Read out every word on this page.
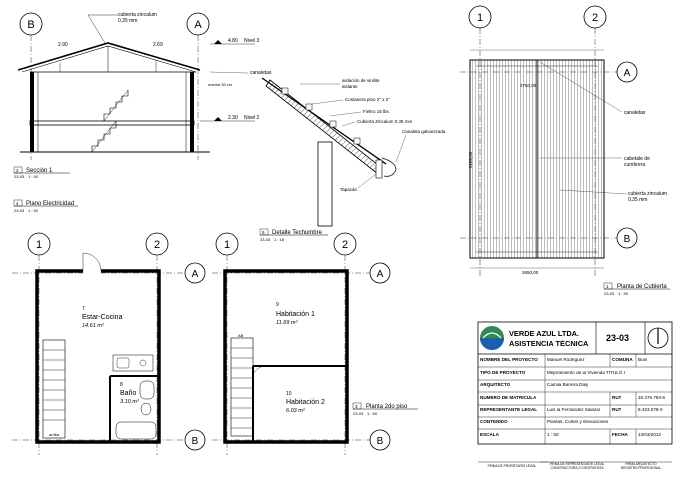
B	A
2.90	2.69
cubierta zincalum
0,35 mm
4.80 Nivel 3
2.30 Nivel 2
canaletas
marina 30 cm
2 Sección 1
23-03 1 : 50
4 Plano Electricidad
23-03 1 : 50
aislación de vinilite
aislante
Costanera pino 2" x 2"
Fieltro 15 lbs.
Cubierta Zincalum 0,35 mm
Canaleta galvanizada
Tapacán
9 Detalle Techumbre
23-03 1 : 18
1	2
A
B
3750,00
3650,00
5180,00
canaletas
cabetale de
cumbrera
cubierta zincalum
0,35 mm
1 Planta de Cubierta
23-03 1 : 50
1	2
A
B
7
Estar-Cocina
14.61 m²
8
Baño
3.10 m²
arriba
1	2
A
B
AB
9
Habitación 1
11.69 m²
10
Habitación 2
6.03 m²
3 Planta 2do piso
23-03 1 : 50
VERDE AZUL LTDA.
ASISTENCIA TÉCNICA
23-03
NOMBRE DEL PROYECTO Manuel Rodríguez	COMUNA Buin
TIPO DE PROYECTO	Mejoramiento de la Vivienda TITULO I
ARQUITECTO	Camila Barrera Daly
NUMERO DE MATRICULA	RUT	15.376.784-6
REPRESENTANTE LEGAL Luis la Fernández Salazar	RUT	8.423.078-0
CONTENIDO	Plantas, Cortes y Elevaciones
ESCALA	1 : 50	FECHA 13/03/2012
FIRMA DE PROPIETARIO LEGAL	FIRMA DE REPRESENTANTE LEGAL
CONSTRUCTORA O CONTRATISTA
FIRMA ARQUITECTO
REGISTRO PROFESIONAL
